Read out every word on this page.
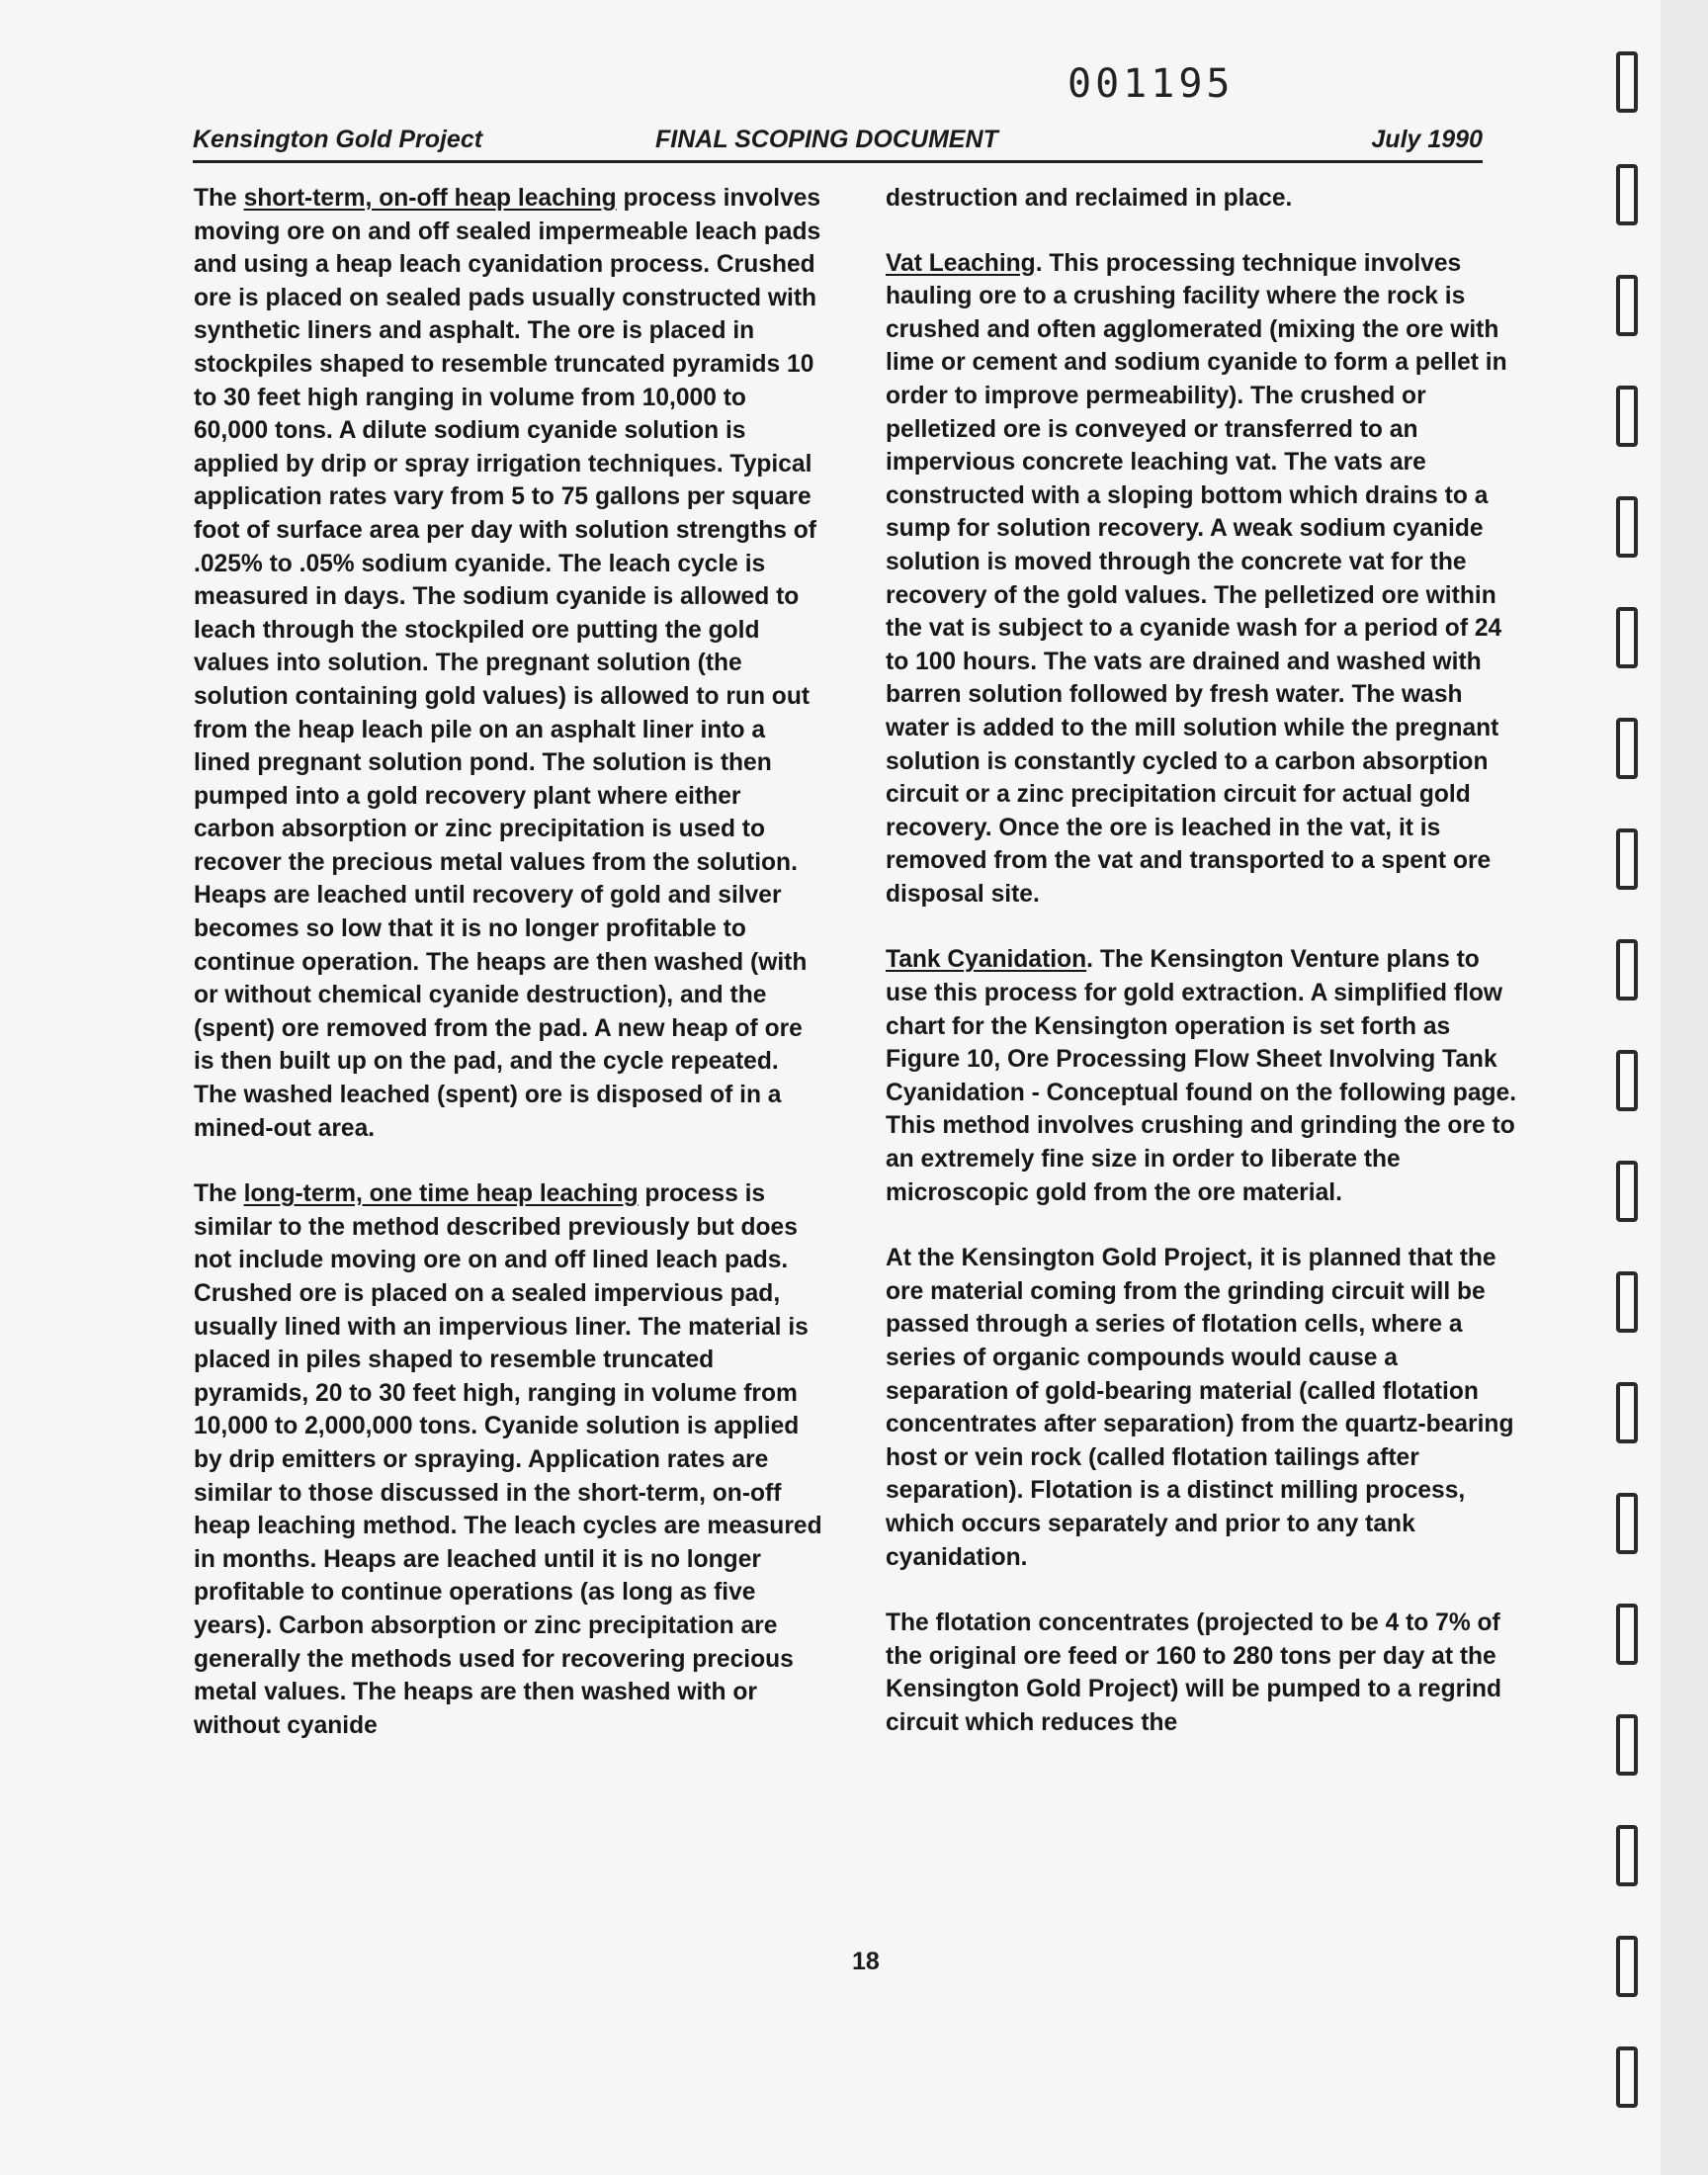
001195
Kensington Gold Project	FINAL SCOPING DOCUMENT	July 1990

The short-term, on-off heap leaching process involves moving ore on and off sealed impermeable leach pads and using a heap leach cyanidation process. Crushed ore is placed on sealed pads usually constructed with synthetic liners and asphalt. The ore is placed in stockpiles shaped to resemble truncated pyramids 10 to 30 feet high ranging in volume from 10,000 to 60,000 tons. A dilute sodium cyanide solution is applied by drip or spray irrigation techniques. Typical application rates vary from 5 to 75 gallons per square foot of surface area per day with solution strengths of .025% to .05% sodium cyanide. The leach cycle is measured in days. The sodium cyanide is allowed to leach through the stockpiled ore putting the gold values into solution. The pregnant solution (the solution containing gold values) is allowed to run out from the heap leach pile on an asphalt liner into a lined pregnant solution pond. The solution is then pumped into a gold recovery plant where either carbon absorption or zinc precipitation is used to recover the precious metal values from the solution. Heaps are leached until recovery of gold and silver becomes so low that it is no longer profitable to continue operation. The heaps are then washed (with or without chemical cyanide destruction), and the (spent) ore removed from the pad. A new heap of ore is then built up on the pad, and the cycle repeated. The washed leached (spent) ore is disposed of in a mined-out area.

The long-term, one time heap leaching process is similar to the method described previously but does not include moving ore on and off lined leach pads. Crushed ore is placed on a sealed impervious pad, usually lined with an impervious liner. The material is placed in piles shaped to resemble truncated pyramids, 20 to 30 feet high, ranging in volume from 10,000 to 2,000,000 tons. Cyanide solution is applied by drip emitters or spraying. Application rates are similar to those discussed in the short-term, on-off heap leaching method. The leach cycles are measured in months. Heaps are leached until it is no longer profitable to continue operations (as long as five years). Carbon absorption or zinc precipitation are generally the methods used for recovering precious metal values. The heaps are then washed with or without cyanide

destruction and reclaimed in place.

Vat Leaching. This processing technique involves hauling ore to a crushing facility where the rock is crushed and often agglomerated (mixing the ore with lime or cement and sodium cyanide to form a pellet in order to improve permeability). The crushed or pelletized ore is conveyed or transferred to an impervious concrete leaching vat. The vats are constructed with a sloping bottom which drains to a sump for solution recovery. A weak sodium cyanide solution is moved through the concrete vat for the recovery of the gold values. The pelletized ore within the vat is subject to a cyanide wash for a period of 24 to 100 hours. The vats are drained and washed with barren solution followed by fresh water. The wash water is added to the mill solution while the pregnant solution is constantly cycled to a carbon absorption circuit or a zinc precipitation circuit for actual gold recovery. Once the ore is leached in the vat, it is removed from the vat and transported to a spent ore disposal site.

Tank Cyanidation. The Kensington Venture plans to use this process for gold extraction. A simplified flow chart for the Kensington operation is set forth as Figure 10, Ore Processing Flow Sheet Involving Tank Cyanidation - Conceptual found on the following page. This method involves crushing and grinding the ore to an extremely fine size in order to liberate the microscopic gold from the ore material.

At the Kensington Gold Project, it is planned that the ore material coming from the grinding circuit will be passed through a series of flotation cells, where a series of organic compounds would cause a separation of gold-bearing material (called flotation concentrates after separation) from the quartz-bearing host or vein rock (called flotation tailings after separation). Flotation is a distinct milling process, which occurs separately and prior to any tank cyanidation.

The flotation concentrates (projected to be 4 to 7% of the original ore feed or 160 to 280 tons per day at the Kensington Gold Project) will be pumped to a regrind circuit which reduces the

18
